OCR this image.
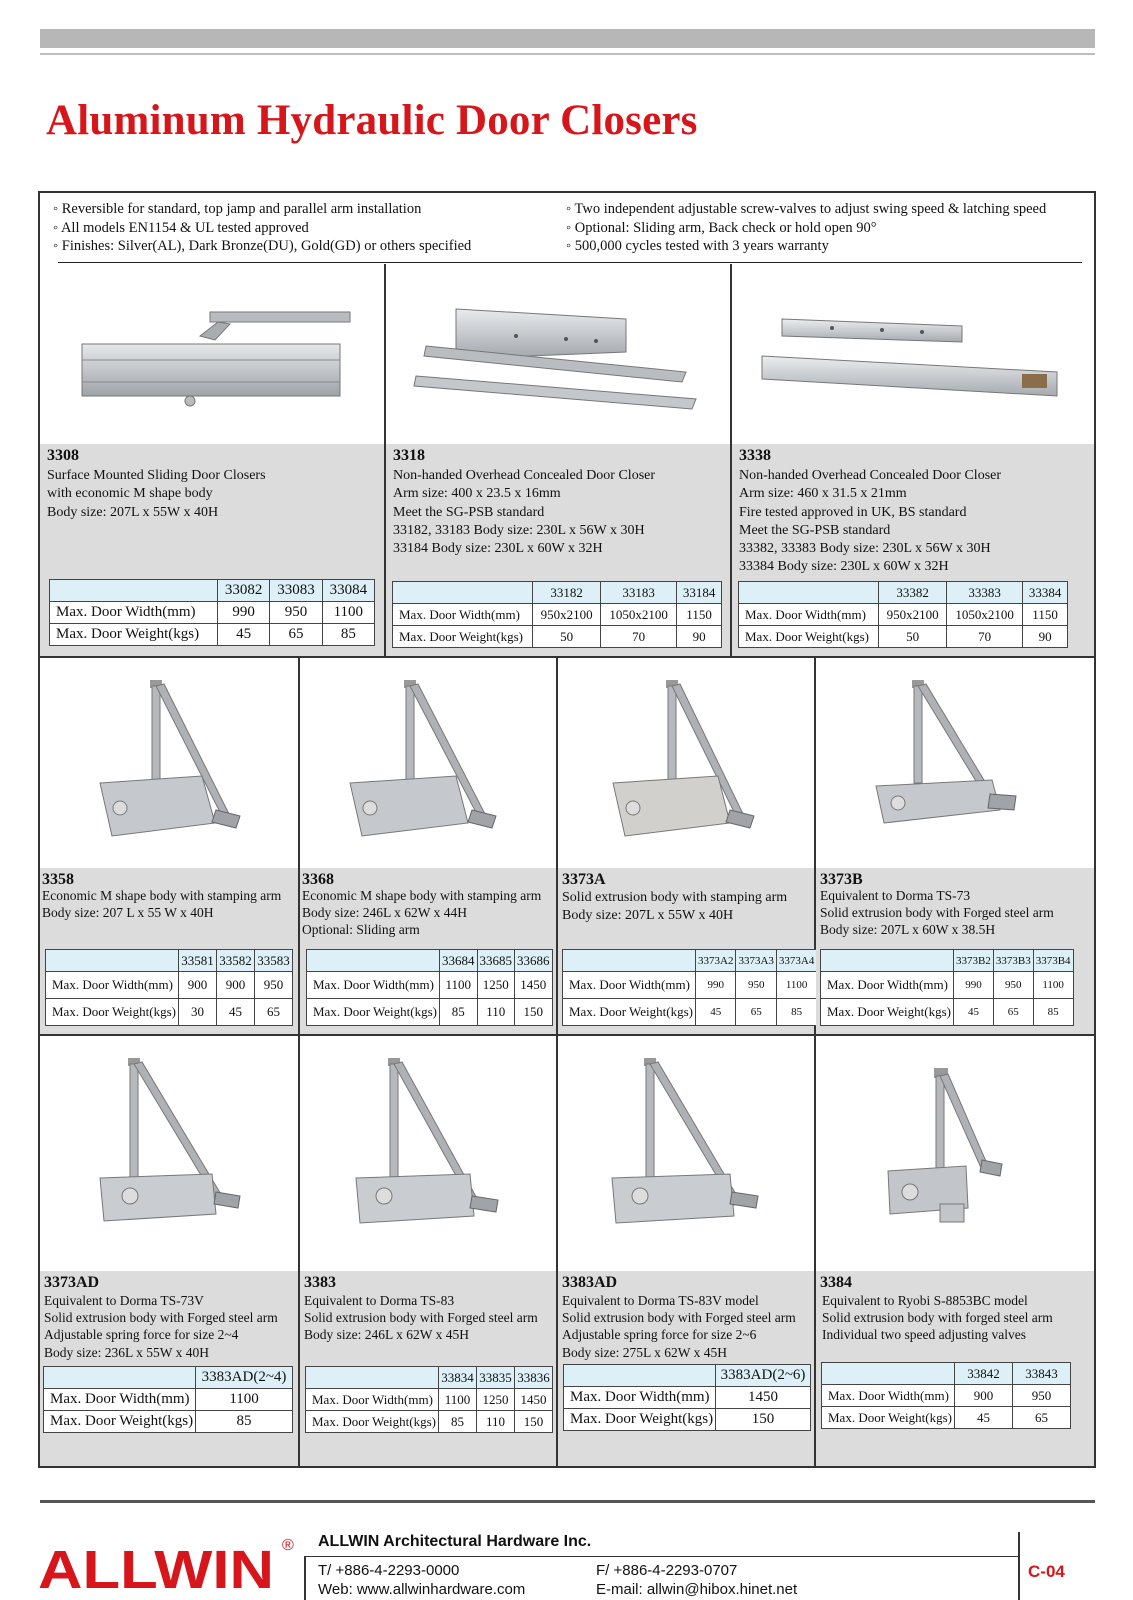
Aluminum Hydraulic Door Closers
◦ Reversible for standard, top jamp and parallel arm installation
◦ All models EN1154 & UL tested approved
◦ Finishes: Silver(AL), Dark Bronze(DU), Gold(GD) or others specified
◦ Two independent adjustable screw-valves to adjust swing speed & latching speed
◦ Optional: Sliding arm, Back check or hold open 90°
◦ 500,000 cycles tested with 3 years warranty
3308
Surface Mounted Sliding Door Closers
with economic M shape body
Body size: 207L x 55W x 40H
	33082	33083	33084
Max. Door Width(mm)	990	950	1100
Max. Door Weight(kgs)	45	65	85
3318
Non-handed Overhead Concealed Door Closer
Arm size: 400 x 23.5 x 16mm
Meet the SG-PSB standard
33182, 33183 Body size: 230L x 56W x 30H
33184 Body size: 230L x 60W x 32H
	33182	33183	33184
Max. Door Width(mm)	950x2100	1050x2100	1150
Max. Door Weight(kgs)	50	70	90
3338
Non-handed Overhead Concealed Door Closer
Arm size: 460 x 31.5 x 21mm
Fire tested approved in UK, BS standard
Meet the SG-PSB standard
33382, 33383 Body size: 230L x 56W x 30H
33384 Body size: 230L x 60W x 32H
	33382	33383	33384
Max. Door Width(mm)	950x2100	1050x2100	1150
Max. Door Weight(kgs)	50	70	90
3358
Economic M shape body with stamping arm
Body size: 207 L x 55 W x 40H
	33581	33582	33583
Max. Door Width(mm)	900	900	950
Max. Door Weight(kgs)	30	45	65
3368
Economic M shape body with stamping arm
Body size: 246L x 62W x 44H
Optional: Sliding arm
	33684	33685	33686
Max. Door Width(mm)	1100	1250	1450
Max. Door Weight(kgs)	85	110	150
3373A
Solid extrusion body with stamping arm
Body size: 207L x 55W x 40H
	3373A2	3373A3	3373A4
Max. Door Width(mm)	990	950	1100
Max. Door Weight(kgs)	45	65	85
3373B
Equivalent to Dorma TS-73
Solid extrusion body with Forged steel arm
Body size: 207L x 60W x 38.5H
	3373B2	3373B3	3373B4
Max. Door Width(mm)	990	950	1100
Max. Door Weight(kgs)	45	65	85
3373AD
Equivalent to Dorma TS-73V
Solid extrusion body with Forged steel arm
Adjustable spring force for size 2~4
Body size: 236L x 55W x 40H
	3383AD(2~4)
Max. Door Width(mm)	1100
Max. Door Weight(kgs)	85
3383
Equivalent to Dorma TS-83
Solid extrusion body with Forged steel arm
Body size: 246L x 62W x 45H
	33834	33835	33836
Max. Door Width(mm)	1100	1250	1450
Max. Door Weight(kgs)	85	110	150
3383AD
Equivalent to Dorma TS-83V model
Solid extrusion body with Forged steel arm
Adjustable spring force for size 2~6
Body size: 275L x 62W x 45H
	3383AD(2~6)
Max. Door Width(mm)	1450
Max. Door Weight(kgs)	150
3384
Equivalent to Ryobi S-8853BC model
Solid extrusion body with forged steel arm
Individual two speed adjusting valves
	33842	33843
Max. Door Width(mm)	900	950
Max. Door Weight(kgs)	45	65
ALLWIN ® ALLWIN Architectural Hardware Inc.
T/ +886-4-2293-0000	F/ +886-4-2293-0707
Web: www.allwinhardware.com	E-mail: allwin@hibox.hinet.net
C-04
